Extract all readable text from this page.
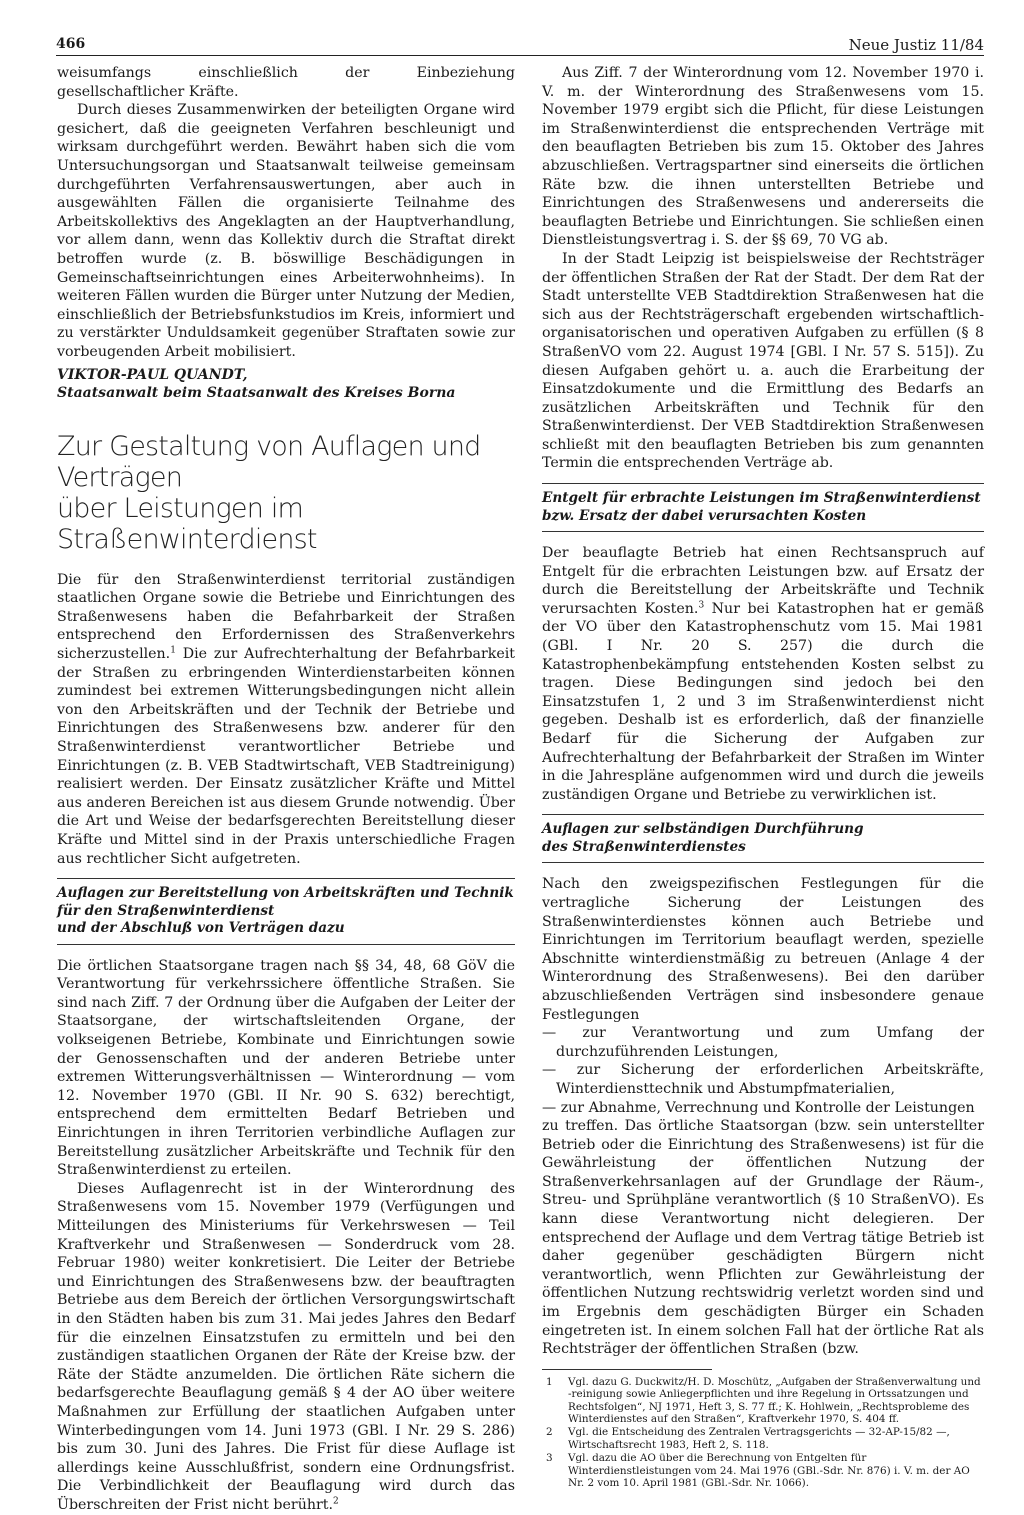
466	Neue Justiz 11/84

weisumfangs einschließlich der Einbeziehung gesellschaftlicher Kräfte.

Durch dieses Zusammenwirken der beteiligten Organe wird gesichert, daß die geeigneten Verfahren beschleunigt und wirksam durchgeführt werden. Bewährt haben sich die vom Untersuchungsorgan und Staatsanwalt teilweise gemeinsam durchgeführten Verfahrensauswertungen, aber auch in ausgewählten Fällen die organisierte Teilnahme des Arbeitskollektivs des Angeklagten an der Hauptverhandlung, vor allem dann, wenn das Kollektiv durch die Straftat direkt betroffen wurde (z. B. böswillige Beschädigungen in Gemeinschaftseinrichtungen eines Arbeiterwohnheims). In weiteren Fällen wurden die Bürger unter Nutzung der Medien, einschließlich der Betriebsfunkstudios im Kreis, informiert und zu verstärkter Unduldsamkeit gegenüber Straftaten sowie zur vorbeugenden Arbeit mobilisiert.

VIKTOR-PAUL QUANDT,
Staatsanwalt beim Staatsanwalt des Kreises Borna
Zur Gestaltung von Auflagen und Verträgen
über Leistungen im Straßenwinterdienst

Die für den Straßenwinterdienst territorial zuständigen staatlichen Organe sowie die Betriebe und Einrichtungen des Straßenwesens haben die Befahrbarkeit der Straßen entsprechend den Erfordernissen des Straßenverkehrs sicherzustellen.$^1$ Die zur Aufrechterhaltung der Befahrbarkeit der Straßen zu erbringenden Winterdienstarbeiten können zumindest bei extremen Witterungsbedingungen nicht allein von den Arbeitskräften und der Technik der Betriebe und Einrichtungen des Straßenwesens bzw. anderer für den Straßenwinterdienst verantwortlicher Betriebe und Einrichtungen (z. B. VEB Stadtwirtschaft, VEB Stadtreinigung) realisiert werden. Der Einsatz zusätzlicher Kräfte und Mittel aus anderen Bereichen ist aus diesem Grunde notwendig. Über die Art und Weise der bedarfsgerechten Bereitstellung dieser Kräfte und Mittel sind in der Praxis unterschiedliche Fragen aus rechtlicher Sicht aufgetreten.

Auflagen zur Bereitstellung von Arbeitskräften und Technik
für den Straßenwinterdienst
und der Abschluß von Verträgen dazu

Die örtlichen Staatsorgane tragen nach §§ 34, 48, 68 GöV die Verantwortung für verkehrssichere öffentliche Straßen. Sie sind nach Ziff. 7 der Ordnung über die Aufgaben der Leiter der Staatsorgane, der wirtschaftsleitenden Organe, der volkseigenen Betriebe, Kombinate und Einrichtungen sowie der Genossenschaften und der anderen Betriebe unter extremen Witterungsverhältnissen — Winterordnung — vom 12. November 1970 (GBl. II Nr. 90 S. 632) berechtigt, entsprechend dem ermittelten Bedarf Betrieben und Einrichtungen in ihren Territorien verbindliche Auflagen zur Bereitstellung zusätzlicher Arbeitskräfte und Technik für den Straßenwinterdienst zu erteilen.

Dieses Auflagenrecht ist in der Winterordnung des Straßenwesens vom 15. November 1979 (Verfügungen und Mitteilungen des Ministeriums für Verkehrswesen — Teil Kraftverkehr und Straßenwesen — Sonderdruck vom 28. Februar 1980) weiter konkretisiert. Die Leiter der Betriebe und Einrichtungen des Straßenwesens bzw. der beauftragten Betriebe aus dem Bereich der örtlichen Versorgungswirtschaft in den Städten haben bis zum 31. Mai jedes Jahres den Bedarf für die einzelnen Einsatzstufen zu ermitteln und bei den zuständigen staatlichen Organen der Räte der Kreise bzw. der Räte der Städte anzumelden. Die örtlichen Räte sichern die bedarfsgerechte Beauflagung gemäß § 4 der AO über weitere Maßnahmen zur Erfüllung der staatlichen Aufgaben unter Winterbedingungen vom 14. Juni 1973 (GBl. I Nr. 29 S. 286) bis zum 30. Juni des Jahres. Die Frist für diese Auflage ist allerdings keine Ausschlußfrist, sondern eine Ordnungsfrist. Die Verbindlichkeit der Beauflagung wird durch das Überschreiten der Frist nicht berührt.$^2$

Aus Ziff. 7 der Winterordnung vom 12. November 1970 i. V. m. der Winterordnung des Straßenwesens vom 15. November 1979 ergibt sich die Pflicht, für diese Leistungen im Straßenwinterdienst die entsprechenden Verträge mit den beauflagten Betrieben bis zum 15. Oktober des Jahres abzuschließen. Vertragspartner sind einerseits die örtlichen Räte bzw. die ihnen unterstellten Betriebe und Einrichtungen des Straßenwesens und andererseits die beauflagten Betriebe und Einrichtungen. Sie schließen einen Dienstleistungsvertrag i. S. der §§ 69, 70 VG ab.

In der Stadt Leipzig ist beispielsweise der Rechtsträger der öffentlichen Straßen der Rat der Stadt. Der dem Rat der Stadt unterstellte VEB Stadtdirektion Straßenwesen hat die sich aus der Rechtsträgerschaft ergebenden wirtschaftlich-organisatorischen und operativen Aufgaben zu erfüllen (§ 8 StraßenVO vom 22. August 1974 [GBl. I Nr. 57 S. 515]). Zu diesen Aufgaben gehört u. a. auch die Erarbeitung der Einsatzdokumente und die Ermittlung des Bedarfs an zusätzlichen Arbeitskräften und Technik für den Straßenwinterdienst. Der VEB Stadtdirektion Straßenwesen schließt mit den beauflagten Betrieben bis zum genannten Termin die entsprechenden Verträge ab.

Entgelt für erbrachte Leistungen im Straßenwinterdienst
bzw. Ersatz der dabei verursachten Kosten

Der beauflagte Betrieb hat einen Rechtsanspruch auf Entgelt für die erbrachten Leistungen bzw. auf Ersatz der durch die Bereitstellung der Arbeitskräfte und Technik verursachten Kosten.$^3$ Nur bei Katastrophen hat er gemäß der VO über den Katastrophenschutz vom 15. Mai 1981 (GBl. I Nr. 20 S. 257) die durch die Katastrophenbekämpfung entstehenden Kosten selbst zu tragen. Diese Bedingungen sind jedoch bei den Einsatzstufen 1, 2 und 3 im Straßenwinterdienst nicht gegeben. Deshalb ist es erforderlich, daß der finanzielle Bedarf für die Sicherung der Aufgaben zur Aufrechterhaltung der Befahrbarkeit der Straßen im Winter in die Jahrespläne aufgenommen wird und durch die jeweils zuständigen Organe und Betriebe zu verwirklichen ist.

Auflagen zur selbständigen Durchführung
des Straßenwinterdienstes

Nach den zweigspezifischen Festlegungen für die vertragliche Sicherung der Leistungen des Straßenwinterdienstes können auch Betriebe und Einrichtungen im Territorium beauflagt werden, spezielle Abschnitte winterdienstmäßig zu betreuen (Anlage 4 der Winterordnung des Straßenwesens). Bei den darüber abzuschließenden Verträgen sind insbesondere genaue Festlegungen

— zur Verantwortung und zum Umfang der durchzuführenden Leistungen,

— zur Sicherung der erforderlichen Arbeitskräfte, Winterdiensttechnik und Abstumpfmaterialien,

— zur Abnahme, Verrechnung und Kontrolle der Leistungen

zu treffen. Das örtliche Staatsorgan (bzw. sein unterstellter Betrieb oder die Einrichtung des Straßenwesens) ist für die Gewährleistung der öffentlichen Nutzung der Straßenverkehrsanlagen auf der Grundlage der Räum-, Streu- und Sprühpläne verantwortlich (§ 10 StraßenVO). Es kann diese Verantwortung nicht delegieren. Der entsprechend der Auflage und dem Vertrag tätige Betrieb ist daher gegenüber geschädigten Bürgern nicht verantwortlich, wenn Pflichten zur Gewährleistung der öffentlichen Nutzung rechtswidrig verletzt worden sind und im Ergebnis dem geschädigten Bürger ein Schaden eingetreten ist. In einem solchen Fall hat der örtliche Rat als Rechtsträger der öffentlichen Straßen (bzw.

1	Vgl. dazu G. Duckwitz/H. D. Moschütz, „Aufgaben der Straßenverwaltung und -reinigung sowie Anliegerpflichten und ihre Regelung in Ortssatzungen und Rechtsfolgen“, NJ 1971, Heft 3, S. 77 ff.; K. Hohlwein, „Rechtsprobleme des Winterdienstes auf den Straßen“, Kraftverkehr 1970, S. 404 ff.
2	Vgl. die Entscheidung des Zentralen Vertragsgerichts — 32-AP-15/82 —, Wirtschaftsrecht 1983, Heft 2, S. 118.
3	Vgl. dazu die AO über die Berechnung von Entgelten für Winterdienstleistungen vom 24. Mai 1976 (GBl.-Sdr. Nr. 876) i. V. m. der AO Nr. 2 vom 10. April 1981 (GBl.-Sdr. Nr. 1066).
